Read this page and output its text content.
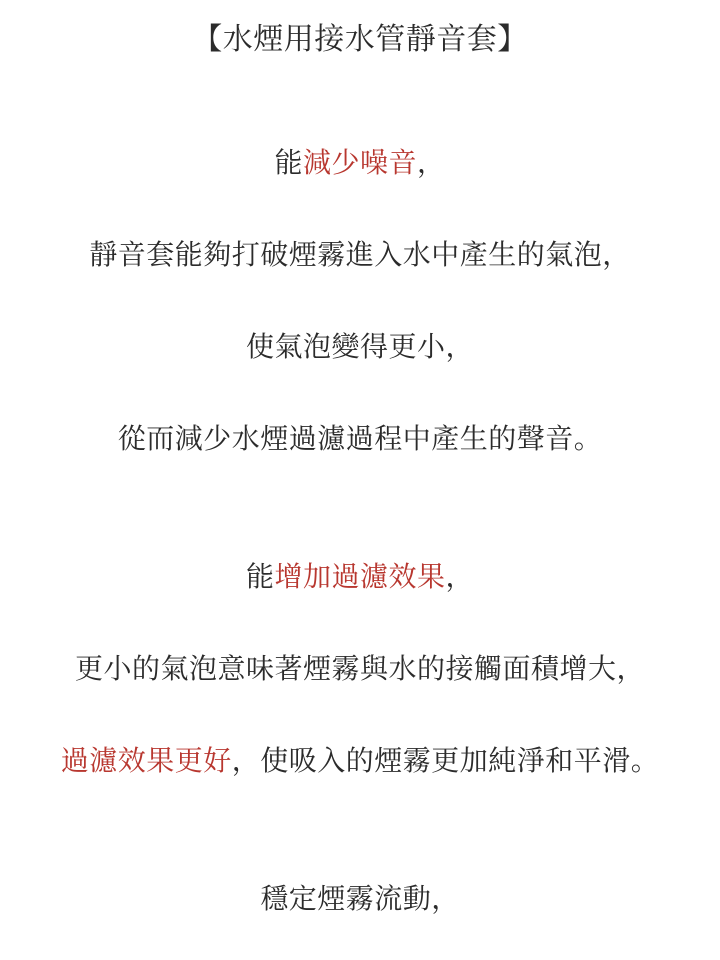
【水煙用接水管靜音套】
能減少噪音，
靜音套能夠打破煙霧進入水中產生的氣泡，
使氣泡變得更小，
從而減少水煙過濾過程中產生的聲音。
能增加過濾效果，
更小的氣泡意味著煙霧與水的接觸面積增大，
過濾效果更好，使吸入的煙霧更加純淨和平滑。
穩定煙霧流動，
